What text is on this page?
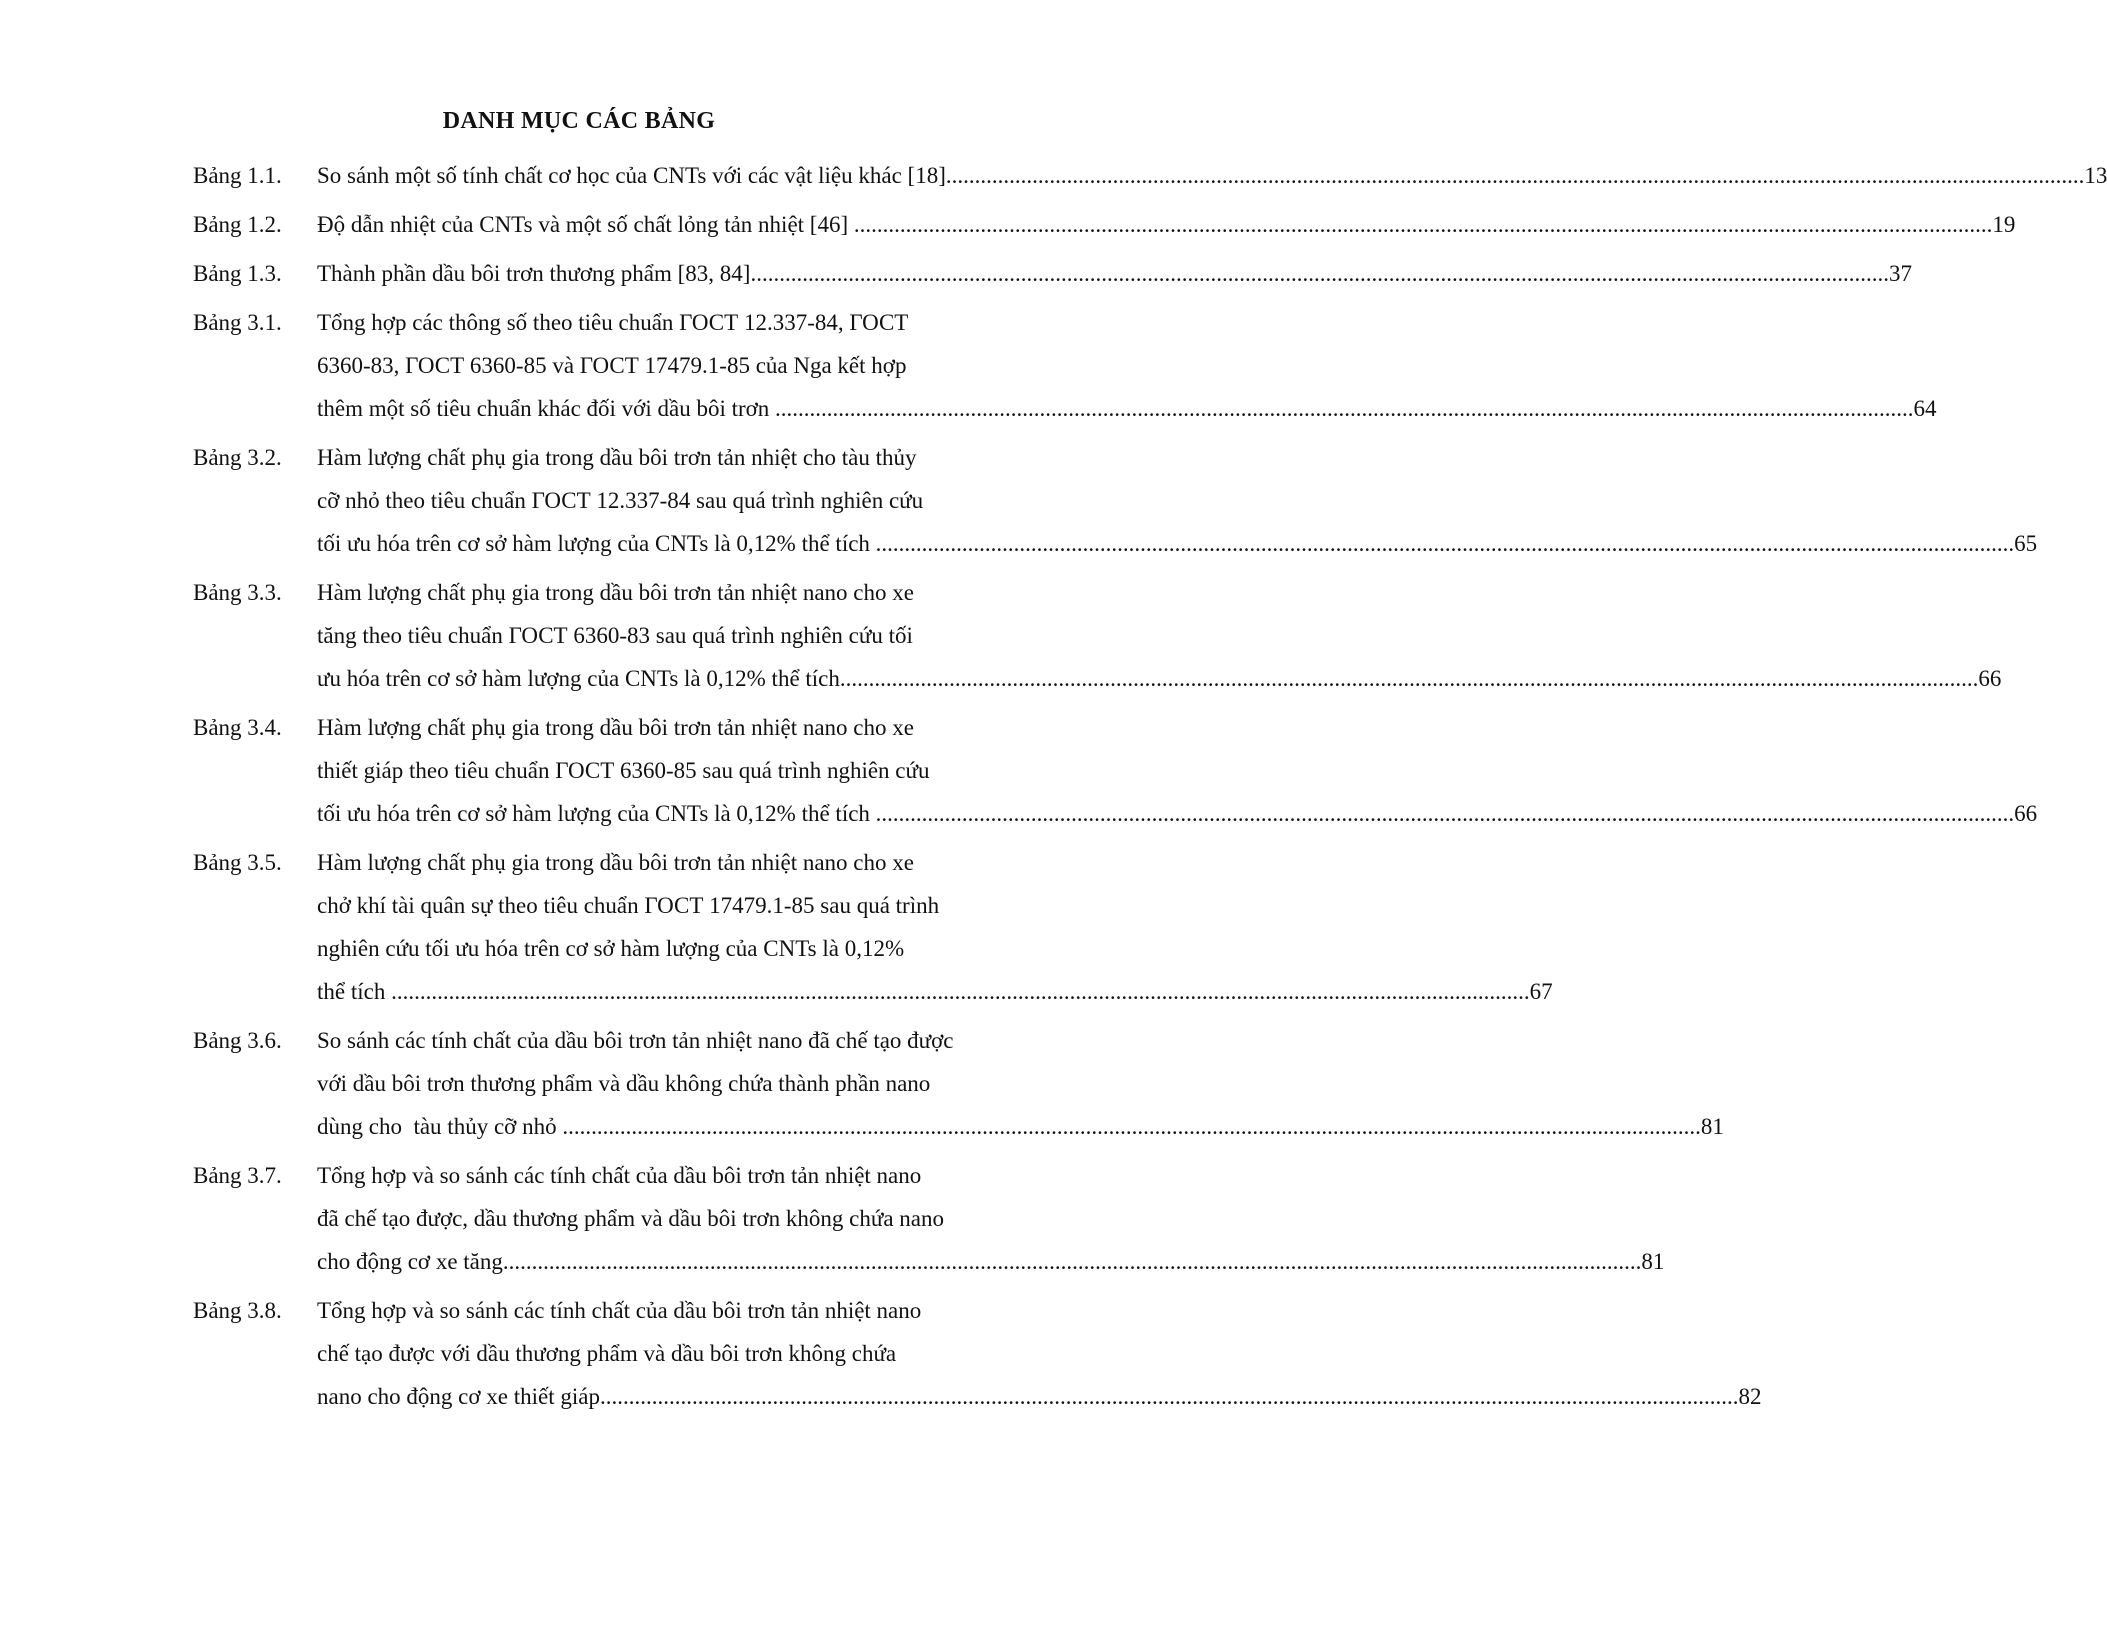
DANH MỤC CÁC BẢNG
Bảng 1.1.	So sánh một số tính chất cơ học của CNTs với các vật liệu khác [18] .....	13
Bảng 1.2.	Độ dẫn nhiệt của CNTs và một số chất lỏng tản nhiệt [46] .....	19
Bảng 1.3.	Thành phần dầu bôi trơn thương phẩm [83, 84] .....	37
Bảng 3.1.	Tổng hợp các thông số theo tiêu chuẩn ГОСТ 12.337-84, ГОСТ
6360-83, ГОСТ 6360-85 và ГОСТ 17479.1-85 của Nga kết hợp
thêm một số tiêu chuẩn khác đối với dầu bôi trơn .....	64
Bảng 3.2.	Hàm lượng chất phụ gia trong dầu bôi trơn tản nhiệt cho tàu thủy
cỡ nhỏ theo tiêu chuẩn ГОСТ 12.337-84 sau quá trình nghiên cứu
tối ưu hóa trên cơ sở hàm lượng của CNTs là 0,12% thể tích .....	65
Bảng 3.3.	Hàm lượng chất phụ gia trong dầu bôi trơn tản nhiệt nano cho xe
tăng theo tiêu chuẩn ГОСТ 6360-83 sau quá trình nghiên cứu tối
ưu hóa trên cơ sở hàm lượng của CNTs là 0,12% thể tích .....	66
Bảng 3.4.	Hàm lượng chất phụ gia trong dầu bôi trơn tản nhiệt nano cho xe
thiết giáp theo tiêu chuẩn ГОСТ 6360-85 sau quá trình nghiên cứu
tối ưu hóa trên cơ sở hàm lượng của CNTs là 0,12% thể tích .....	66
Bảng 3.5.	Hàm lượng chất phụ gia trong dầu bôi trơn tản nhiệt nano cho xe
chở khí tài quân sự theo tiêu chuẩn ГОСТ 17479.1-85 sau quá trình
nghiên cứu tối ưu hóa trên cơ sở hàm lượng của CNTs là 0,12%
thể tích .....	67
Bảng 3.6.	So sánh các tính chất của dầu bôi trơn tản nhiệt nano đã chế tạo được
với dầu bôi trơn thương phẩm và dầu không chứa thành phần nano
dùng cho  tàu thủy cỡ nhỏ .....	81
Bảng 3.7.	Tổng hợp và so sánh các tính chất của dầu bôi trơn tản nhiệt nano
đã chế tạo được, dầu thương phẩm và dầu bôi trơn không chứa nano
cho động cơ xe tăng .....	81
Bảng 3.8.	Tổng hợp và so sánh các tính chất của dầu bôi trơn tản nhiệt nano
chế tạo được với dầu thương phẩm và dầu bôi trơn không chứa
nano cho động cơ xe thiết giáp .....	82
